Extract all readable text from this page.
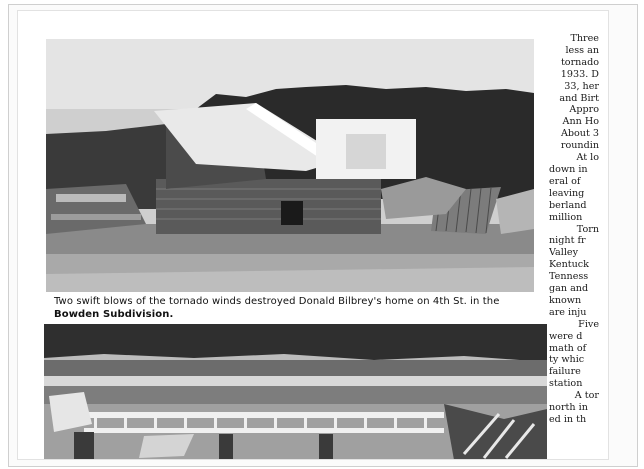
Two swift blows of the tornado winds destroyed Donald Bilbrey's home on 4th St. in the
Bowden Subdivision.
Three
less an
tornado
1933. D
33, her
and Birt
Appro
Ann Ho
About 3
roundin
At lo
down in
eral of
leaving
berland
million
Torn
night fr
Valley
Kentuck
Tenness
gan and
known
are inju
Five
were d
math of
ty whic
failure
station
A tor
north in
ed in th
